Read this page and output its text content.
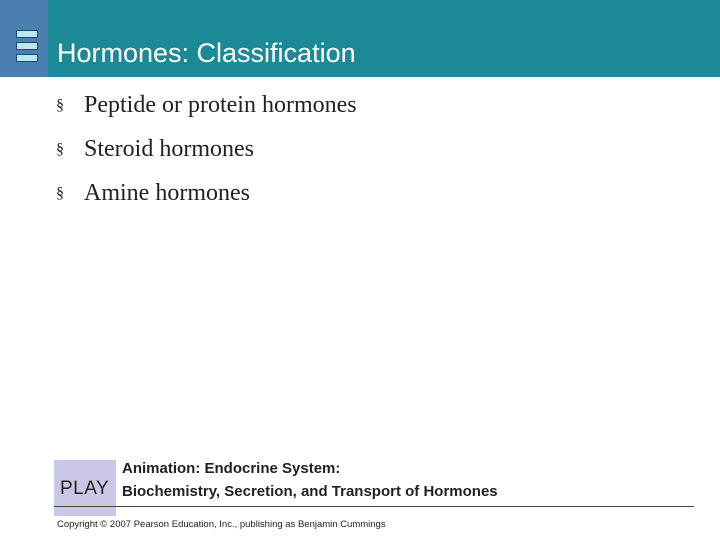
Hormones: Classification
§ Peptide or protein hormones
§ Steroid hormones
§ Amine hormones
PLAY
Animation: Endocrine System:
Biochemistry, Secretion, and Transport of Hormones
Copyright © 2007 Pearson Education, Inc., publishing as Benjamin Cummings
